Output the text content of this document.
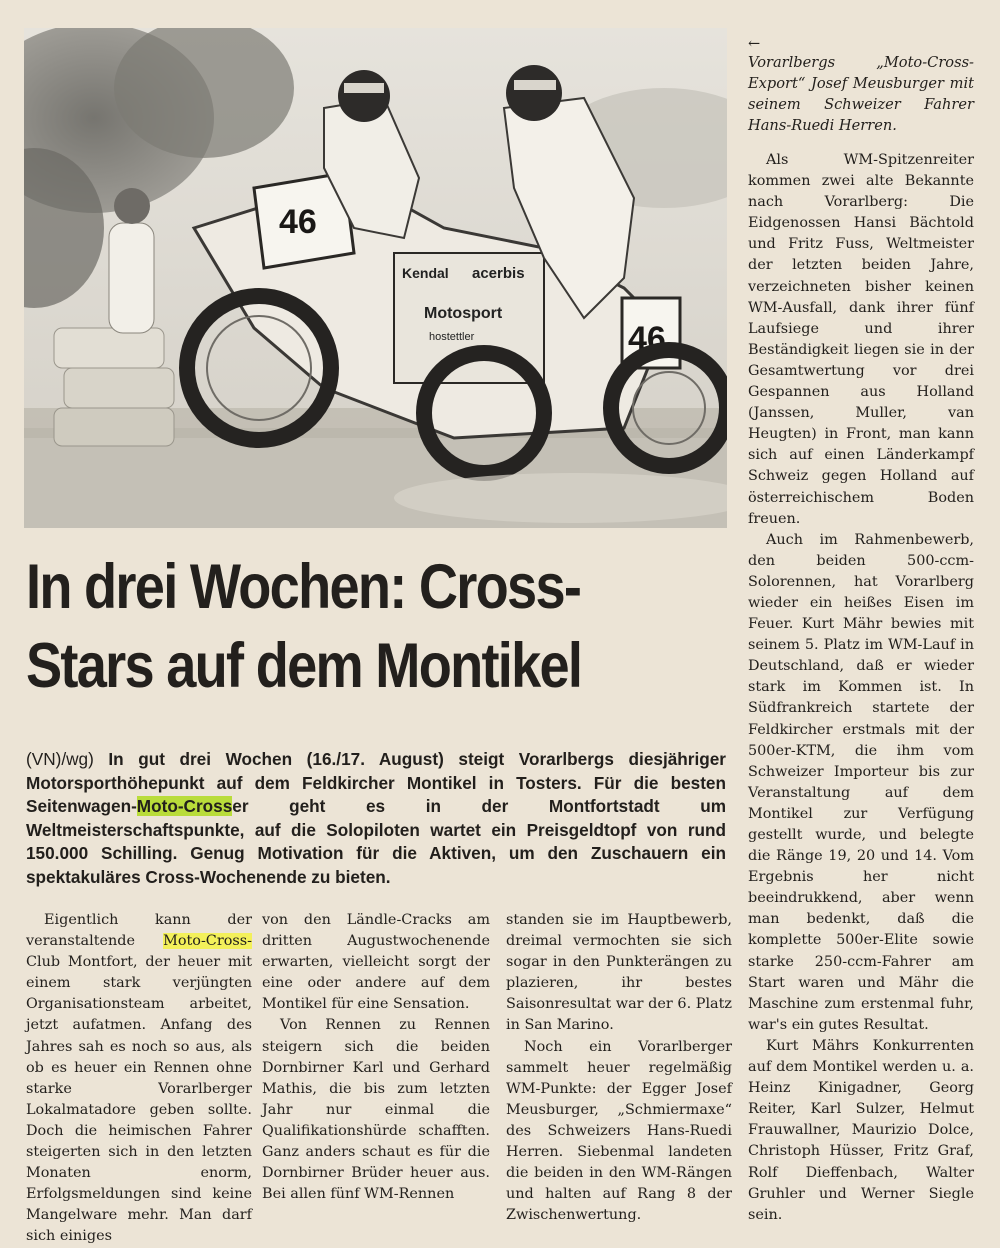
46
46
Kendal acerbis
Motosport
hostettler
←
Vorarlbergs „Moto-Cross-Export“ Josef Meusburger mit seinem Schweizer Fahrer Hans-Ruedi Herren.

Als WM-Spitzenreiter kommen zwei alte Bekannte nach Vorarlberg: Die Eidgenossen Hansi Bächtold und Fritz Fuss, Weltmeister der letzten beiden Jahre, verzeichneten bisher keinen WM-Ausfall, dank ihrer fünf Laufsiege und ihrer Beständigkeit liegen sie in der Gesamtwertung vor drei Gespannen aus Holland (Janssen, Muller, van Heugten) in Front, man kann sich auf einen Länderkampf Schweiz gegen Holland auf österreichischem Boden freuen.

Auch im Rahmenbewerb, den beiden 500-ccm-Solorennen, hat Vorarlberg wieder ein heißes Eisen im Feuer. Kurt Mähr bewies mit seinem 5. Platz im WM-Lauf in Deutschland, daß er wieder stark im Kommen ist. In Südfrankreich startete der Feldkircher erstmals mit der 500er-KTM, die ihm vom Schweizer Importeur bis zur Veranstaltung auf dem Montikel zur Verfügung gestellt wurde, und belegte die Ränge 19, 20 und 14. Vom Ergebnis her nicht beeindrukkend, aber wenn man bedenkt, daß die komplette 500er-Elite sowie starke 250-ccm-Fahrer am Start waren und Mähr die Maschine zum erstenmal fuhr, war's ein gutes Resultat.

Kurt Mährs Konkurrenten auf dem Montikel werden u. a. Heinz Kinigadner, Georg Reiter, Karl Sulzer, Helmut Frauwallner, Maurizio Dolce, Christoph Hüsser, Fritz Graf, Rolf Dieffenbach, Walter Gruhler und Werner Siegle sein.

In drei Wochen: Cross-
Stars auf dem Montikel
(VN)/wg) In gut drei Wochen (16./17. August) steigt Vorarlbergs diesjähriger Motorsporthöhepunkt auf dem Feldkircher Montikel in Tosters. Für die besten Seitenwagen-Moto-Crosser geht es in der Montfortstadt um Weltmeisterschaftspunkte, auf die Solopiloten wartet ein Preisgeldtopf von rund 150.000 Schilling. Genug Motivation für die Aktiven, um den Zuschauern ein spektakuläres Cross-Wochenende zu bieten.

Eigentlich kann der veranstaltende Moto-Cross-Club Montfort, der heuer mit einem stark verjüngten Organisationsteam arbeitet, jetzt aufatmen. Anfang des Jahres sah es noch so aus, als ob es heuer ein Rennen ohne starke Vorarlberger Lokalmatadore geben sollte. Doch die heimischen Fahrer steigerten sich in den letzten Monaten enorm, Erfolgsmeldungen sind keine Mangelware mehr. Man darf sich einiges

von den Ländle-Cracks am dritten Augustwochenende erwarten, vielleicht sorgt der eine oder andere auf dem Montikel für eine Sensation.

Von Rennen zu Rennen steigern sich die beiden Dornbirner Karl und Gerhard Mathis, die bis zum letzten Jahr nur einmal die Qualifikationshürde schafften. Ganz anders schaut es für die Dornbirner Brüder heuer aus. Bei allen fünf WM-Rennen

standen sie im Hauptbewerb, dreimal vermochten sie sich sogar in den Punkterängen zu plazieren, ihr bestes Saisonresultat war der 6. Platz in San Marino.

Noch ein Vorarlberger sammelt heuer regelmäßig WM-Punkte: der Egger Josef Meusburger, „Schmiermaxe“ des Schweizers Hans-Ruedi Herren. Siebenmal landeten die beiden in den WM-Rängen und halten auf Rang 8 der Zwischenwertung.
